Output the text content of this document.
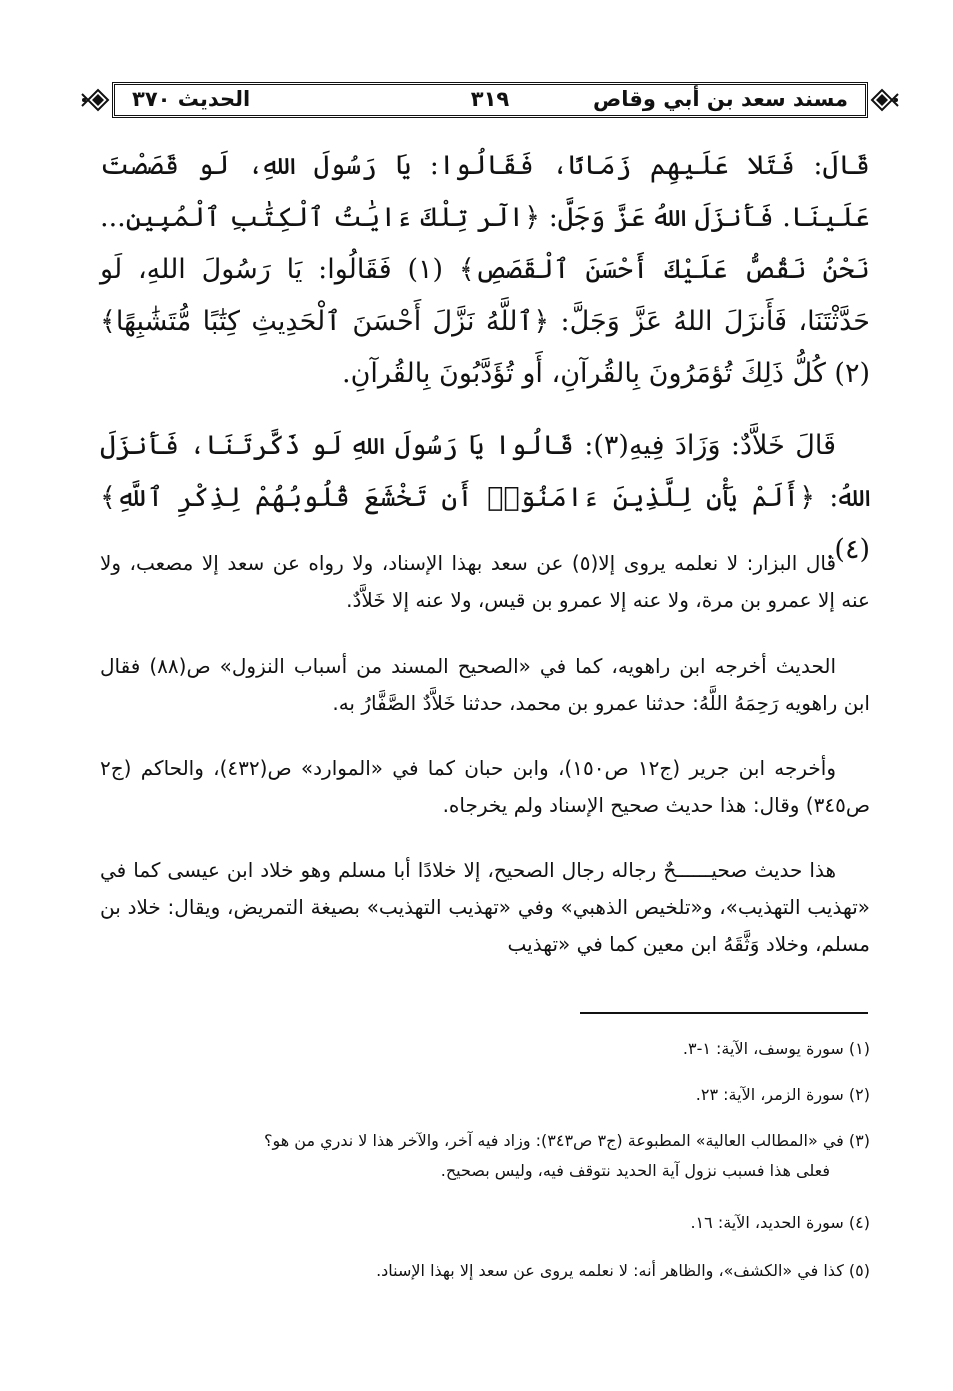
مسند سعد بن أبي وقاص
٣١٩
الحديث ٣٧٠

قَالَ: فَتَلا عَلَيهِم زَمَانًا، فَقَالُوا: يَا رَسُولَ اللهِ، لَو قَصَصْتَ عَلَينَا. فَأَنزَلَ اللهُ عَزَّ وَجَلَّ: ﴿الٓر تِلْكَ ءَايَٰتُ ٱلْكِتَٰبِ ٱلْمُبِينِ... نَحْنُ نَقُصُّ عَلَيْكَ أَحْسَنَ ٱلْقَصَصِ﴾ (١) فَقَالُوا: يَا رَسُولَ اللهِ، لَو حَدَّثْتَنَا، فَأَنزَلَ اللهُ عَزَّ وَجَلَّ: ﴿ٱللَّهُ نَزَّلَ أَحْسَنَ ٱلْحَدِيثِ كِتَٰبًا مُّتَشَٰبِهًا﴾ (٢) كُلُّ ذَلِكَ تُؤمَرُونَ بِالقُرآنِ، أَو تُؤَدَّبُونَ بِالقُرآنِ.

قَالَ خَلاَّدٌ: وَزَادَ فِيهِ(٣): قَالُوا يَا رَسُولَ اللهِ لَو ذَكَّرتَنَا، فَأَنزَلَ اللهُ: ﴿أَلَمْ يَأْنِ لِلَّذِينَ ءَامَنُوٓا۟ أَن تَخْشَعَ قُلُوبُهُمْ لِذِكْرِ ٱللَّهِ﴾ (٤).

قال البزار: لا نعلمه يروى إلا(٥) عن سعد بهذا الإسناد، ولا رواه عن سعد إلا مصعب، ولا عنه إلا عمرو بن مرة، ولا عنه إلا عمرو بن قيس، ولا عنه إلا خَلاَّدٌ.

الحديث أخرجه ابن راهويه، كما في «الصحيح المسند من أسباب النزول» ص(٨٨) فقال ابن راهويه رَحِمَهُ اللَّهُ: حدثنا عمرو بن محمد، حدثنا خَلاَّدٌ الصَّفَّارُ به.

وأخرجه ابن جرير (ج١٢ ص١٥٠)، وابن حبان كما في «الموارد» ص(٤٣٢)، والحاكم (ج٢ ص٣٤٥) وقال: هذا حديث صحيح الإسناد ولم يخرجاه.

هذا حديث صحيــــــحٌ رجاله رجال الصحيح، إلا خلادًا أبا مسلم وهو خلاد ابن عيسى كما في «تهذيب التهذيب»، و«تلخيص الذهبي» وفي «تهذيب التهذيب» بصيغة التمريض، ويقال: خلاد بن مسلم، وخلاد وَثَّقَهُ ابن معين كما في «تهذيب

(١) سورة يوسف، الآية: ١-٣.
(٢) سورة الزمر، الآية: ٢٣.
(٣) في «المطالب العالية» المطبوعة (ج٣ ص٣٤٣): وزاد فيه آخر، والآخر هذا لا ندري من هو؟
فعلى هذا فسبب نزول آية الحديد نتوقف فيه، وليس بصحيح.
(٤) سورة الحديد، الآية: ١٦.
(٥) كذا في «الكشف»، والظاهر أنه: لا نعلمه يروى عن سعد إلا بهذا الإسناد.
